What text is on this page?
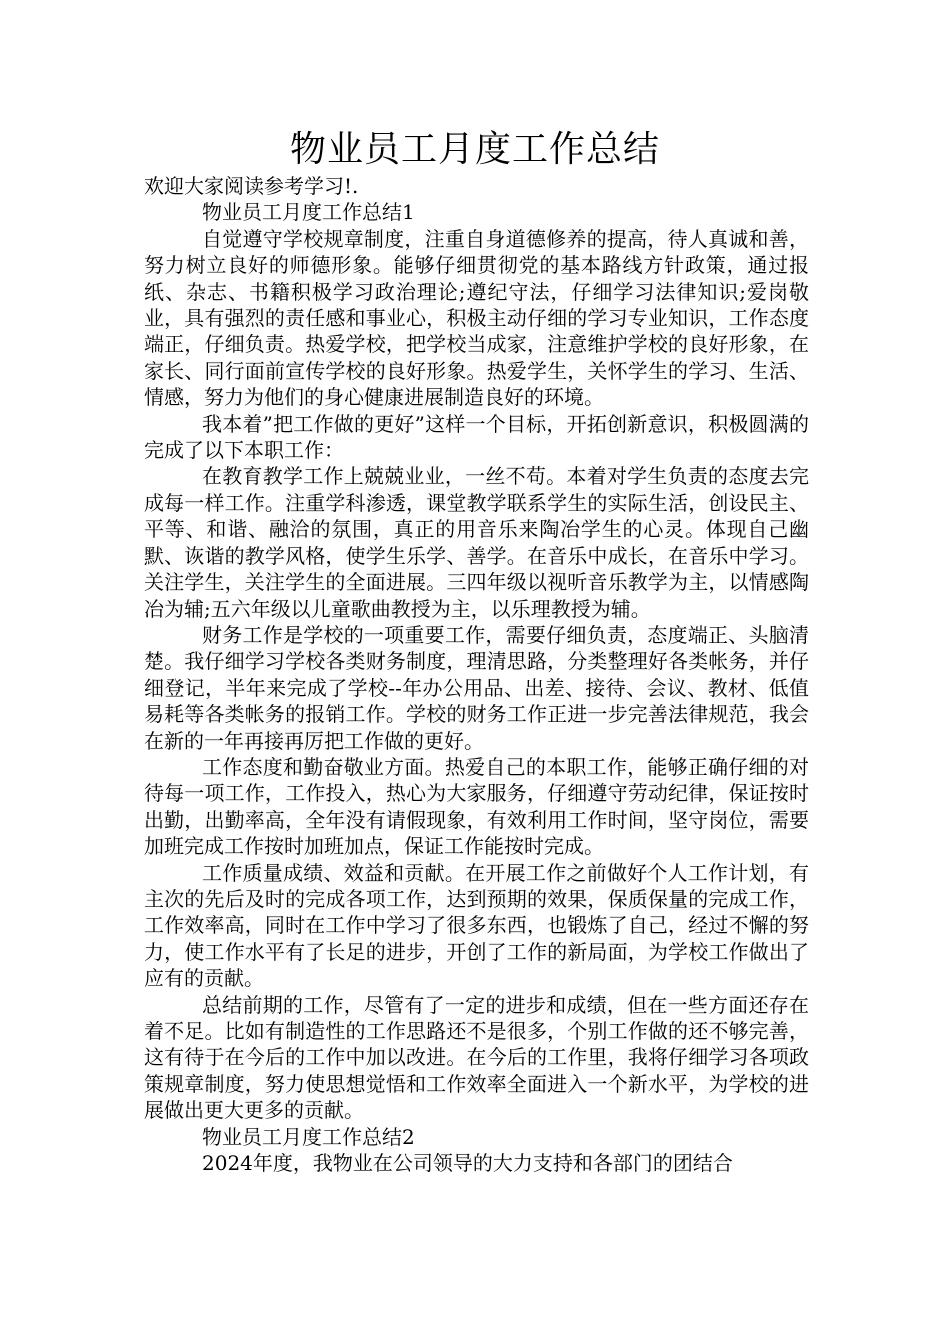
物业员工月度工作总结

欢迎大家阅读参考学习!.

物业员工月度工作总结1

自觉遵守学校规章制度，注重自身道德修养的提高，待人真诚和善，努力树立良好的师德形象。能够仔细贯彻党的基本路线方针政策，通过报纸、杂志、书籍积极学习政治理论;遵纪守法，仔细学习法律知识;爱岗敬业，具有强烈的责任感和事业心，积极主动仔细的学习专业知识，工作态度端正，仔细负责。热爱学校，把学校当成家，注意维护学校的良好形象，在家长、同行面前宣传学校的良好形象。热爱学生，关怀学生的学习、生活、情感，努力为他们的身心健康进展制造良好的环境。

我本着”把工作做的更好”这样一个目标，开拓创新意识，积极圆满的完成了以下本职工作：

在教育教学工作上兢兢业业，一丝不苟。本着对学生负责的态度去完成每一样工作。注重学科渗透，课堂教学联系学生的实际生活，创设民主、平等、和谐、融洽的氛围，真正的用音乐来陶冶学生的心灵。体现自己幽默、诙谐的教学风格，使学生乐学、善学。在音乐中成长，在音乐中学习。关注学生，关注学生的全面进展。三四年级以视听音乐教学为主，以情感陶冶为辅;五六年级以儿童歌曲教授为主，以乐理教授为辅。

财务工作是学校的一项重要工作，需要仔细负责，态度端正、头脑清楚。我仔细学习学校各类财务制度，理清思路，分类整理好各类帐务，并仔细登记，半年来完成了学校--年办公用品、出差、接待、会议、教材、低值易耗等各类帐务的报销工作。学校的财务工作正进一步完善法律规范，我会在新的一年再接再厉把工作做的更好。

工作态度和勤奋敬业方面。热爱自己的本职工作，能够正确仔细的对待每一项工作，工作投入，热心为大家服务，仔细遵守劳动纪律，保证按时出勤，出勤率高，全年没有请假现象，有效利用工作时间，坚守岗位，需要加班完成工作按时加班加点，保证工作能按时完成。

工作质量成绩、效益和贡献。在开展工作之前做好个人工作计划，有主次的先后及时的完成各项工作，达到预期的效果，保质保量的完成工作，工作效率高，同时在工作中学习了很多东西，也锻炼了自己，经过不懈的努力，使工作水平有了长足的进步，开创了工作的新局面，为学校工作做出了应有的贡献。

总结前期的工作，尽管有了一定的进步和成绩，但在一些方面还存在着不足。比如有制造性的工作思路还不是很多，个别工作做的还不够完善，这有待于在今后的工作中加以改进。在今后的工作里，我将仔细学习各项政策规章制度，努力使思想觉悟和工作效率全面进入一个新水平，为学校的进展做出更大更多的贡献。

物业员工月度工作总结2

2024年度，我物业在公司领导的大力支持和各部门的团结合
